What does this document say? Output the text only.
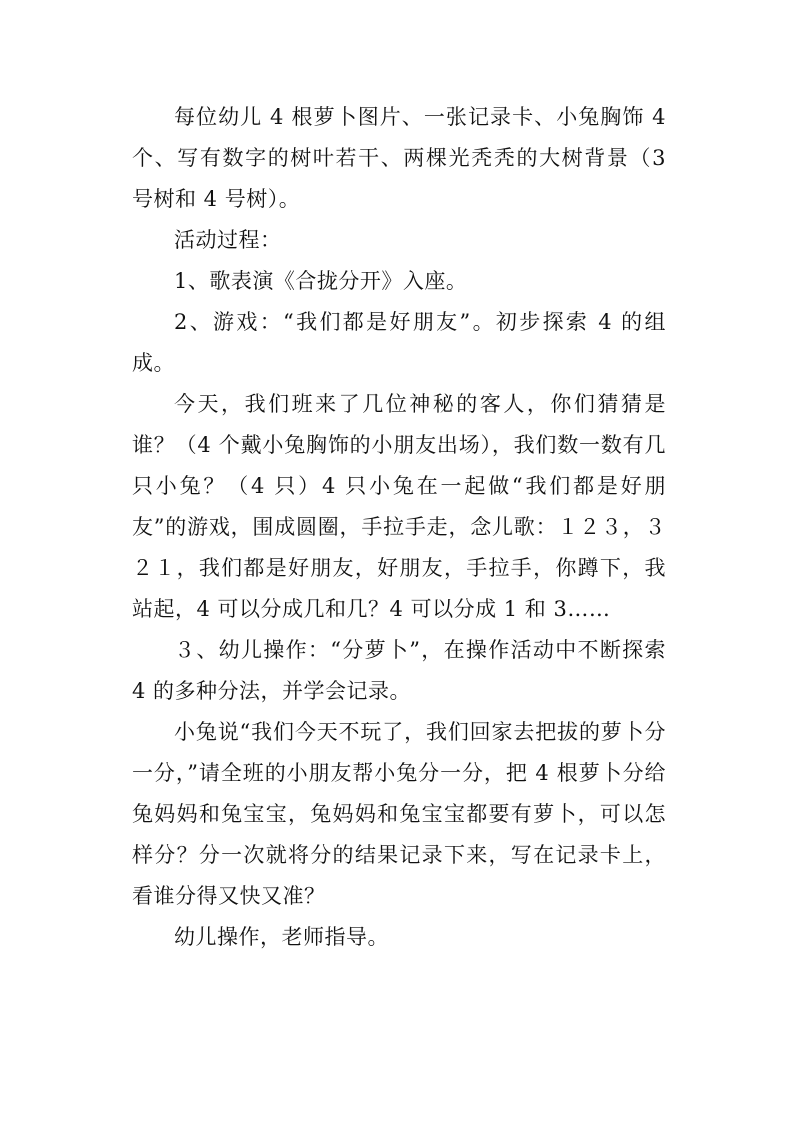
每位幼儿 4 根萝卜图片、一张记录卡、小兔胸饰 4 个、写有数字的树叶若干、两棵光秃秃的大树背景（3 号树和 4 号树）。

活动过程：

1、歌表演《合拢分开》入座。

2、游戏：“我们都是好朋友”。初步探索 4 的组成。

今天，我们班来了几位神秘的客人，你们猜猜是谁？（4 个戴小兔胸饰的小朋友出场），我们数一数有几只小兔？（4 只）4 只小兔在一起做“我们都是好朋友”的游戏，围成圆圈，手拉手走，念儿歌：１２３，３２１，我们都是好朋友，好朋友，手拉手，你蹲下，我站起，4 可以分成几和几？4 可以分成 1 和 3……

３、幼儿操作：“分萝卜”，在操作活动中不断探索 4 的多种分法，并学会记录。

小兔说“我们今天不玩了，我们回家去把拔的萝卜分一分，”请全班的小朋友帮小兔分一分，把 4 根萝卜分给兔妈妈和兔宝宝，兔妈妈和兔宝宝都要有萝卜，可以怎样分？分一次就将分的结果记录下来，写在记录卡上，看谁分得又快又准？

幼儿操作，老师指导。
